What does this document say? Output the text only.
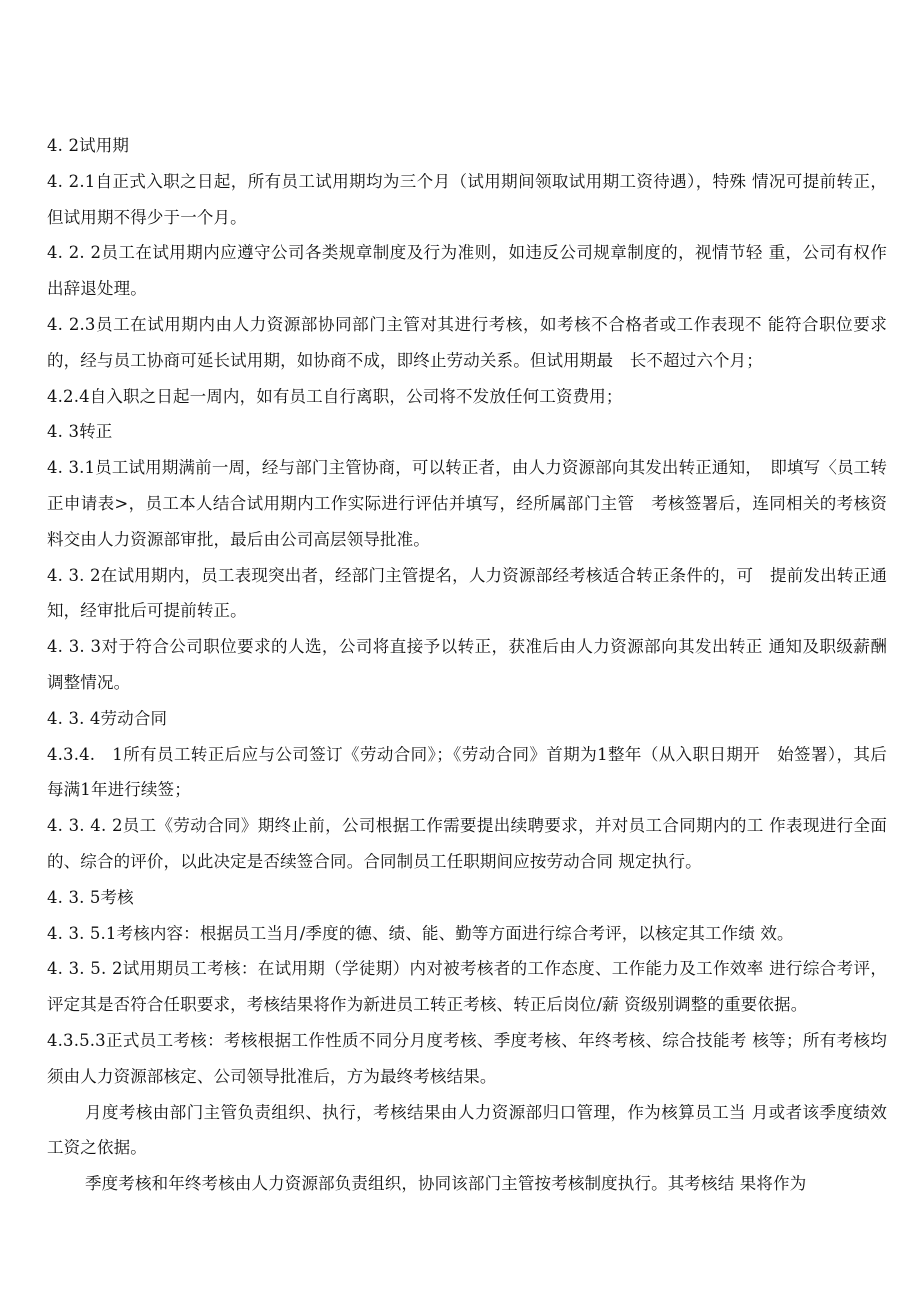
4. 2试用期

4. 2.1自正式入职之日起，所有员工试用期均为三个月（试用期间领取试用期工资待遇），特殊 情况可提前转正，但试用期不得少于一个月。

4. 2. 2员工在试用期内应遵守公司各类规章制度及行为准则，如违反公司规章制度的，视情节轻 重，公司有权作出辞退处理。

4. 2.3员工在试用期内由人力资源部协同部门主管对其进行考核，如考核不合格者或工作表现不 能符合职位要求的，经与员工协商可延长试用期，如协商不成，即终止劳动关系。但试用期最　长不超过六个月；

4.2.4自入职之日起一周内，如有员工自行离职，公司将不发放任何工资费用；

4. 3转正

4. 3.1员工试用期满前一周，经与部门主管协商，可以转正者，由人力资源部向其发出转正通知，　即填写〈员工转正申请表>，员工本人结合试用期内工作实际进行评估并填写，经所属部门主管　考核签署后，连同相关的考核资料交由人力资源部审批，最后由公司高层领导批准。

4. 3. 2在试用期内，员工表现突出者，经部门主管提名，人力资源部经考核适合转正条件的，可　提前发出转正通知，经审批后可提前转正。

4. 3. 3对于符合公司职位要求的人选，公司将直接予以转正，获准后由人力资源部向其发出转正 通知及职级薪酬调整情况。

4. 3. 4劳动合同

4.3.4.　1所有员工转正后应与公司签订《劳动合同》；《劳动合同》首期为1整年（从入职日期开　始签署），其后每满1年进行续签；

4. 3. 4. 2员工《劳动合同》期终止前，公司根据工作需要提出续聘要求，并对员工合同期内的工 作表现进行全面的、综合的评价，以此决定是否续签合同。合同制员工任职期间应按劳动合同 规定执行。

4. 3. 5考核

4. 3. 5.1考核内容：根据员工当月/季度的德、绩、能、勤等方面进行综合考评，以核定其工作绩 效。

4. 3. 5. 2试用期员工考核：在试用期（学徒期）内对被考核者的工作态度、工作能力及工作效率 进行综合考评，评定其是否符合任职要求，考核结果将作为新进员工转正考核、转正后岗位/薪 资级别调整的重要依据。

4.3.5.3正式员工考核：考核根据工作性质不同分月度考核、季度考核、年终考核、综合技能考 核等；所有考核均须由人力资源部核定、公司领导批准后，方为最终考核结果。

月度考核由部门主管负责组织、执行，考核结果由人力资源部归口管理，作为核算员工当 月或者该季度绩效工资之依据。

季度考核和年终考核由人力资源部负责组织，协同该部门主管按考核制度执行。其考核结 果将作为
